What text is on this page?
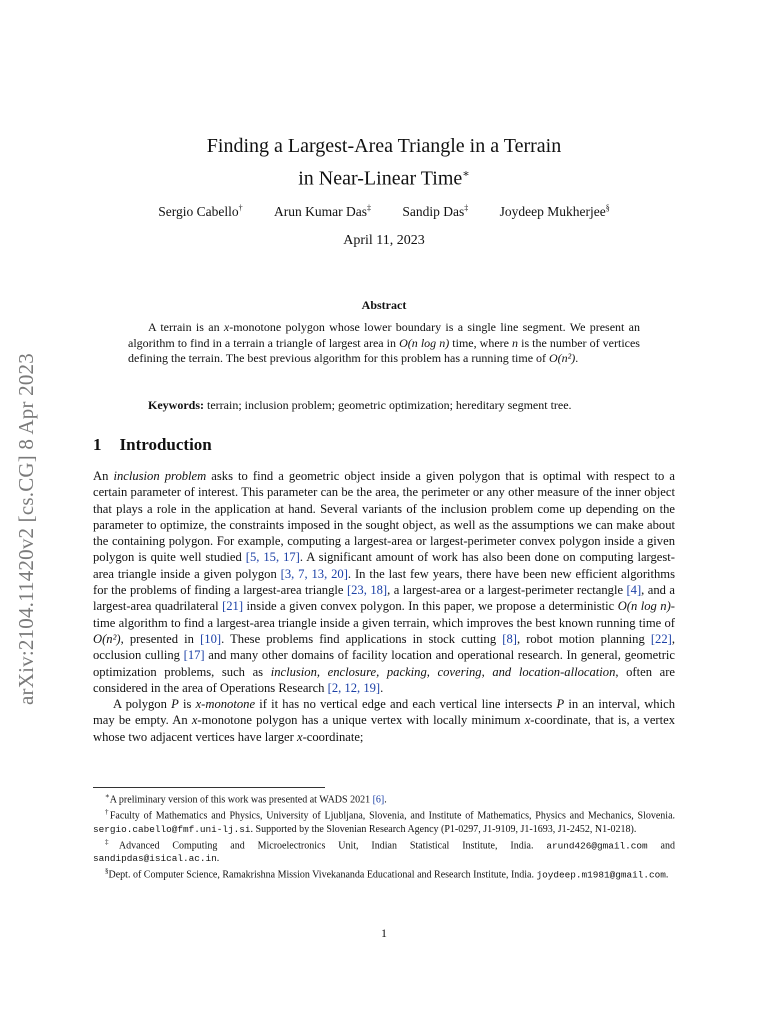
arXiv:2104.11420v2 [cs.CG] 8 Apr 2023
Finding a Largest-Area Triangle in a Terrain
in Near-Linear Time∗
Sergio Cabello† Arun Kumar Das‡ Sandip Das‡ Joydeep Mukherjee§
April 11, 2023
Abstract
A terrain is an x-monotone polygon whose lower boundary is a single line segment. We present an algorithm to find in a terrain a triangle of largest area in O(n log n) time, where n is the number of vertices defining the terrain. The best previous algorithm for this problem has a running time of O(n²).
Keywords: terrain; inclusion problem; geometric optimization; hereditary segment tree.
1 Introduction

An inclusion problem asks to find a geometric object inside a given polygon that is optimal with respect to a certain parameter of interest. This parameter can be the area, the perimeter or any other measure of the inner object that plays a role in the application at hand. Several variants of the inclusion problem come up depending on the parameter to optimize, the constraints imposed in the sought object, as well as the assumptions we can make about the containing polygon. For example, computing a largest-area or largest-perimeter convex polygon inside a given polygon is quite well studied [5, 15, 17]. A significant amount of work has also been done on computing largest-area triangle inside a given polygon [3, 7, 13, 20]. In the last few years, there have been new efficient algorithms for the problems of finding a largest-area triangle [23, 18], a largest-area or a largest-perimeter rectangle [4], and a largest-area quadrilateral [21] inside a given convex polygon. In this paper, we propose a deterministic O(n log n)-time algorithm to find a largest-area triangle inside a given terrain, which improves the best known running time of O(n²), presented in [10]. These problems find applications in stock cutting [8], robot motion planning [22], occlusion culling [17] and many other domains of facility location and operational research. In general, geometric optimization problems, such as inclusion, enclosure, packing, covering, and location-allocation, often are considered in the area of Operations Research [2, 12, 19].

A polygon P is x-monotone if it has no vertical edge and each vertical line intersects P in an interval, which may be empty. An x-monotone polygon has a unique vertex with locally minimum x-coordinate, that is, a vertex whose two adjacent vertices have larger x-coordinate;

∗A preliminary version of this work was presented at WADS 2021 [6].

†Faculty of Mathematics and Physics, University of Ljubljana, Slovenia, and Institute of Mathematics, Physics and Mechanics, Slovenia. sergio.cabello@fmf.uni-lj.si. Supported by the Slovenian Research Agency (P1-0297, J1-9109, J1-1693, J1-2452, N1-0218).

‡Advanced Computing and Microelectronics Unit, Indian Statistical Institute, India. arund426@gmail.com and sandipdas@isical.ac.in.

§Dept. of Computer Science, Ramakrishna Mission Vivekananda Educational and Research Institute, India. joydeep.m1981@gmail.com.

1
